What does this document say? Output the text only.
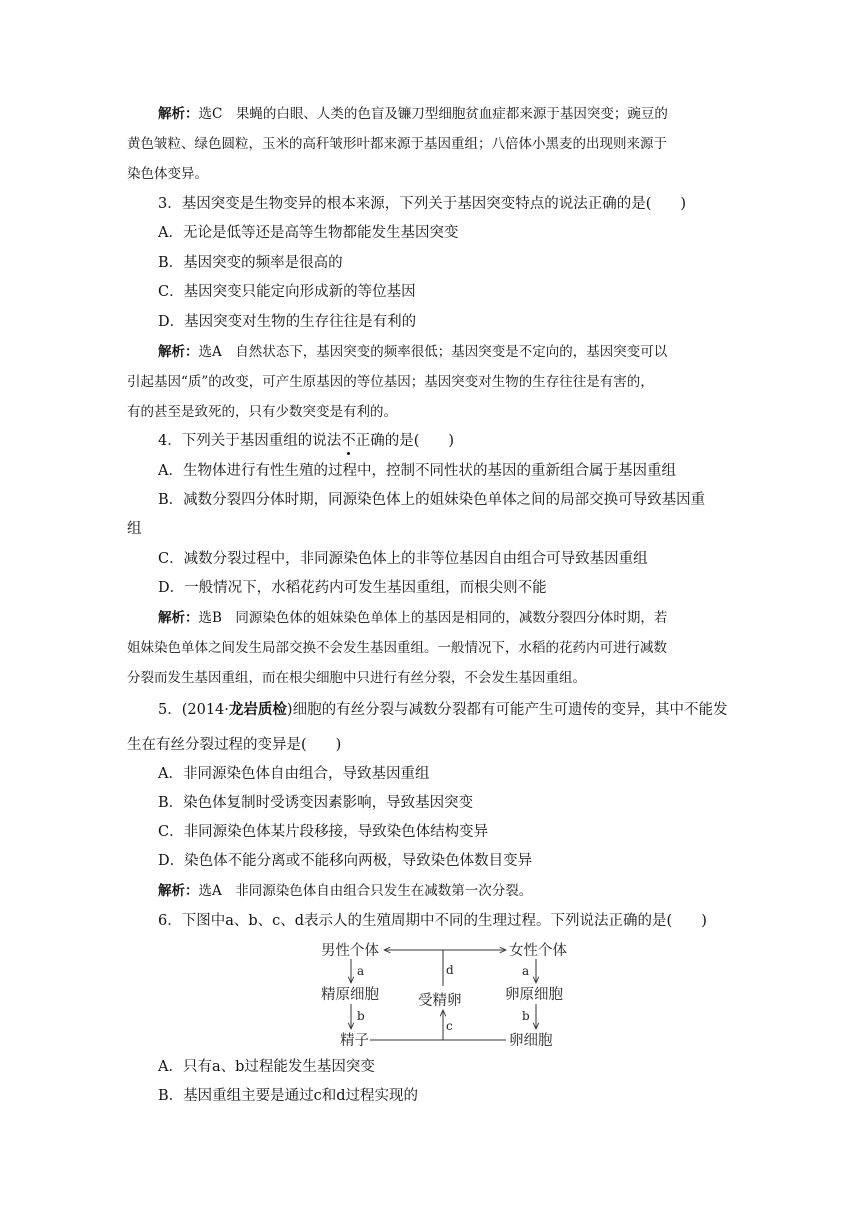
解析：选C　果蝇的白眼、人类的色盲及镰刀型细胞贫血症都来源于基因突变；豌豆的
黄色皱粒、绿色圆粒，玉米的高秆皱形叶都来源于基因重组；八倍体小黑麦的出现则来源于
染色体变异。
3．基因突变是生物变异的根本来源，下列关于基因突变特点的说法正确的是(　　)
A．无论是低等还是高等生物都能发生基因突变
B．基因突变的频率是很高的
C．基因突变只能定向形成新的等位基因
D．基因突变对生物的生存往往是有利的
解析：选A　自然状态下，基因突变的频率很低；基因突变是不定向的，基因突变可以
引起基因“质”的改变，可产生原基因的等位基因；基因突变对生物的生存往往是有害的，
有的甚至是致死的，只有少数突变是有利的。
4．下列关于基因重组的说法不正确的是(　　)
A．生物体进行有性生殖的过程中，控制不同性状的基因的重新组合属于基因重组
B．减数分裂四分体时期，同源染色体上的姐妹染色单体之间的局部交换可导致基因重
组
C．减数分裂过程中，非同源染色体上的非等位基因自由组合可导致基因重组
D．一般情况下，水稻花药内可发生基因重组，而根尖则不能
解析：选B　同源染色体的姐妹染色单体上的基因是相同的，减数分裂四分体时期，若
姐妹染色单体之间发生局部交换不会发生基因重组。一般情况下，水稻的花药内可进行减数
分裂而发生基因重组，而在根尖细胞中只进行有丝分裂，不会发生基因重组。
5．(2014·龙岩质检)细胞的有丝分裂与减数分裂都有可能产生可遗传的变异，其中不能发
生在有丝分裂过程的变异是(　　)
A．非同源染色体自由组合，导致基因重组
B．染色体复制时受诱变因素影响，导致基因突变
C．非同源染色体某片段移接，导致染色体结构变异
D．染色体不能分离或不能移向两极，导致染色体数目变异
解析：选A　非同源染色体自由组合只发生在减数第一次分裂。
6．下图中a、b、c、d表示人的生殖周期中不同的生理过程。下列说法正确的是(　　)
男性个体	女性个体
精原细胞	受精卵	卵原细胞
精子	卵细胞
d
a
b
a
b
c
A．只有a、b过程能发生基因突变
B．基因重组主要是通过c和d过程实现的
